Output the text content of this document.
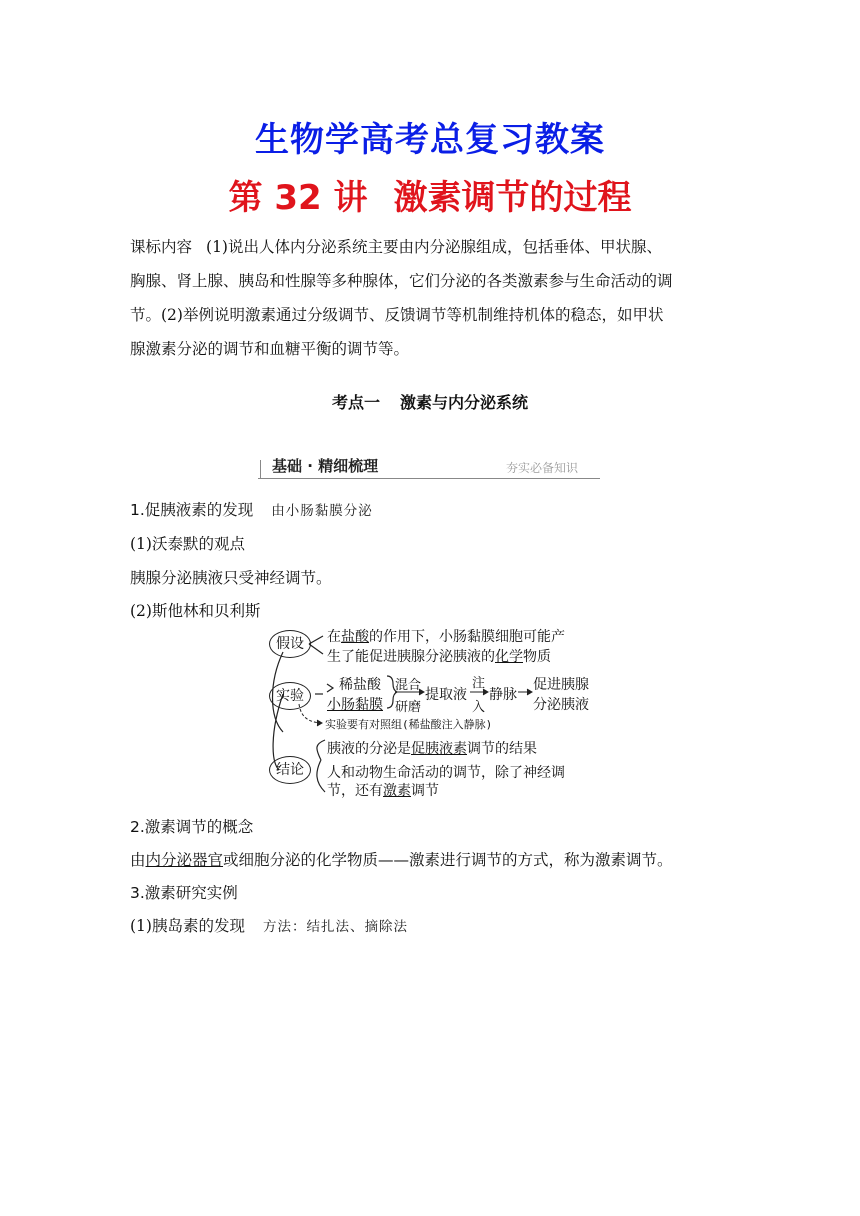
生物学高考总复习教案
第 32 讲 激素调节的过程
课标内容 (1)说出人体内分泌系统主要由内分泌腺组成，包括垂体、甲状腺、
胸腺、肾上腺、胰岛和性腺等多种腺体，它们分泌的各类激素参与生命活动的调
节。(2)举例说明激素通过分级调节、反馈调节等机制维持机体的稳态，如甲状
腺激素分泌的调节和血糖平衡的调节等。
考点一 激素与内分泌系统
基础 · 精细梳理	夯实必备知识
1.促胰液素的发现 由小肠黏膜分泌
(1)沃泰默的观点
胰腺分泌胰液只受神经调节。
(2)斯他林和贝利斯
假设	在盐酸的作用下，小肠黏膜细胞可能产
生了能促进胰腺分泌胰液的化学物质
实验
稀盐酸
小肠黏膜
混合
研磨
提取液
注
入
静脉
促进胰腺
分泌胰液
实验要有对照组(稀盐酸注入静脉)
结论
胰液的分泌是促胰液素调节的结果
人和动物生命活动的调节，除了神经调
节，还有激素调节
2.激素调节的概念
由内分泌器官或细胞分泌的化学物质——激素进行调节的方式，称为激素调节。
3.激素研究实例
(1)胰岛素的发现 方法：结扎法、摘除法
